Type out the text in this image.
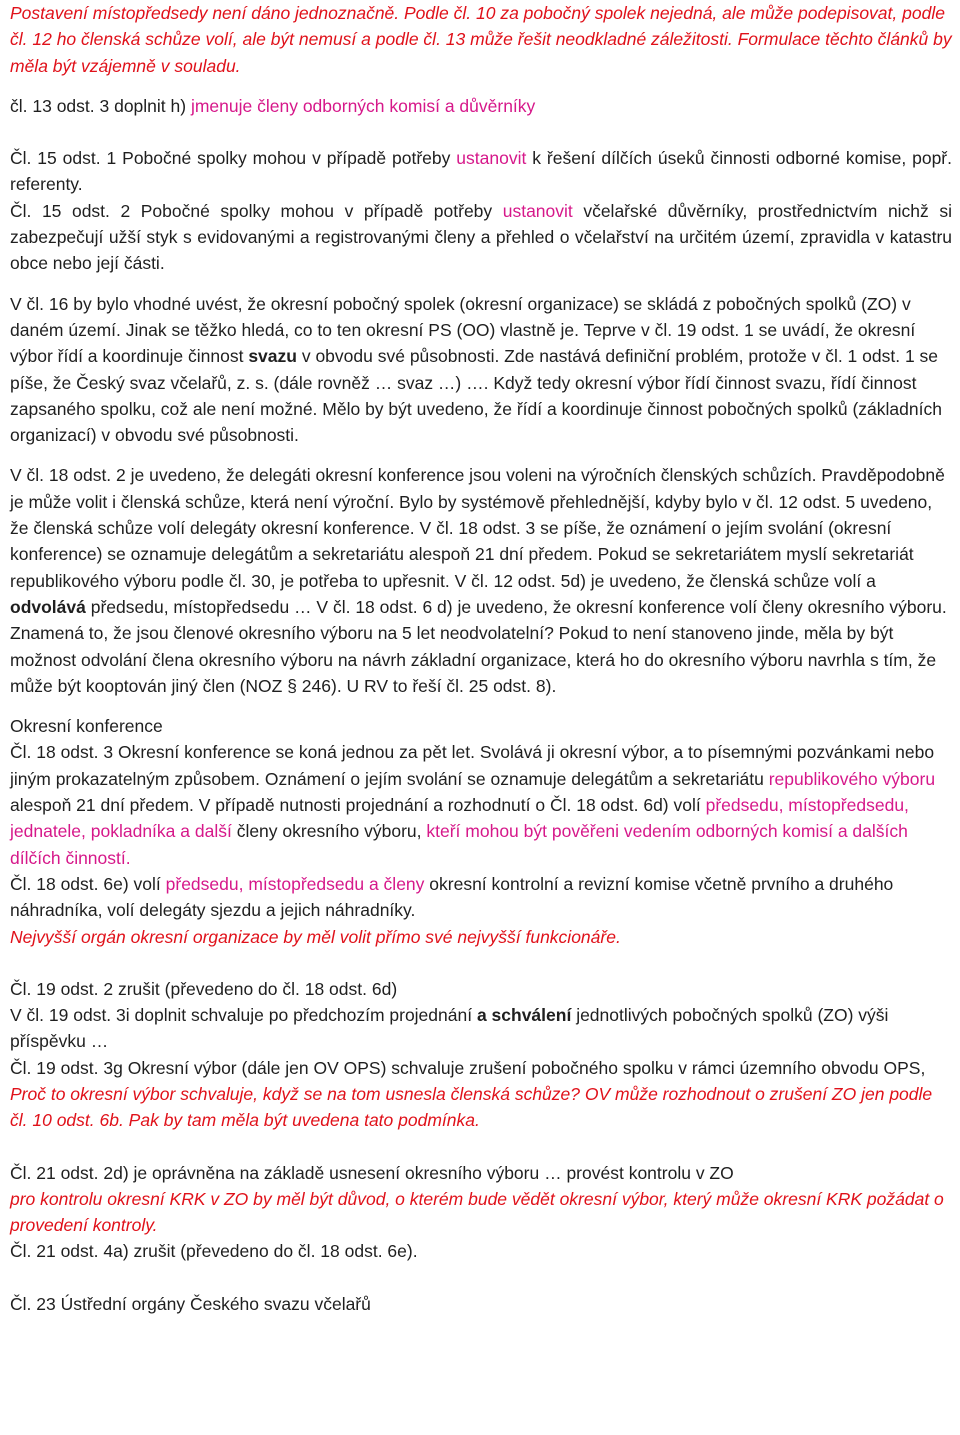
Postavení místopředsedy není dáno jednoznačně. Podle čl. 10 za pobočný spolek nejedná, ale může podepisovat, podle čl. 12 ho členská schůze volí, ale být nemusí a podle čl. 13 může řešit neodkladné záležitosti. Formulace těchto článků by měla být vzájemně v souladu.

čl. 13 odst. 3 doplnit h) jmenuje členy odborných komisí a důvěrníky

Čl. 15 odst. 1 Pobočné spolky mohou v případě potřeby ustanovit k řešení dílčích úseků činnosti odborné komise, popř. referenty.

Čl. 15 odst. 2 Pobočné spolky mohou v případě potřeby ustanovit včelařské důvěrníky, prostřednictvím nichž si zabezpečují užší styk s evidovanými a registrovanými členy a přehled o včelařství na určitém území, zpravidla v katastru obce nebo její části.

V čl. 16 by bylo vhodné uvést, že okresní pobočný spolek (okresní organizace) se skládá z pobočných spolků (ZO) v daném území. Jinak se těžko hledá, co to ten okresní PS (OO) vlastně je. Teprve v čl. 19 odst. 1 se uvádí, že okresní výbor řídí a koordinuje činnost svazu v obvodu své působnosti. Zde nastává definiční problém, protože v čl. 1 odst. 1 se píše, že Český svaz včelařů, z. s. (dále rovněž … svaz …) …. Když tedy okresní výbor řídí činnost svazu, řídí činnost zapsaného spolku, což ale není možné. Mělo by být uvedeno, že řídí a koordinuje činnost pobočných spolků (základních organizací) v obvodu své působnosti.

V čl. 18 odst. 2 je uvedeno, že delegáti okresní konference jsou voleni na výročních členských schůzích. Pravděpodobně je může volit i členská schůze, která není výroční. Bylo by systémově přehlednější, kdyby bylo v čl. 12 odst. 5 uvedeno, že členská schůze volí delegáty okresní konference. V čl. 18 odst. 3 se píše, že oznámení o jejím svolání (okresní konference) se oznamuje delegátům a sekretariátu alespoň 21 dní předem. Pokud se sekretariátem myslí sekretariát republikového výboru podle čl. 30, je potřeba to upřesnit. V čl. 12 odst. 5d) je uvedeno, že členská schůze volí a odvolává předsedu, místopředsedu … V čl. 18 odst. 6 d) je uvedeno, že okresní konference volí členy okresního výboru. Znamená to, že jsou členové okresního výboru na 5 let neodvolatelní? Pokud to není stanoveno jinde, měla by být možnost odvolání člena okresního výboru na návrh základní organizace, která ho do okresního výboru navrhla s tím, že může být kooptován jiný člen (NOZ § 246). U RV to řeší čl. 25 odst. 8).

Okresní konference

Čl. 18 odst. 3 Okresní konference se koná jednou za pět let. Svolává ji okresní výbor, a to písemnými pozvánkami nebo jiným prokazatelným způsobem. Oznámení o jejím svolání se oznamuje delegátům a sekretariátu republikového výboru alespoň 21 dní předem. V případě nutnosti projednání a rozhodnutí o Čl. 18 odst. 6d) volí předsedu, místopředsedu, jednatele, pokladníka a další členy okresního výboru, kteří mohou být pověřeni vedením odborných komisí a dalších dílčích činností.

Čl. 18 odst. 6e) volí předsedu, místopředsedu a členy okresní kontrolní a revizní komise včetně prvního a druhého náhradníka, volí delegáty sjezdu a jejich náhradníky.

Nejvyšší orgán okresní organizace by měl volit přímo své nejvyšší funkcionáře.

Čl. 19 odst. 2 zrušit (převedeno do čl. 18 odst. 6d)

V čl. 19 odst. 3i doplnit schvaluje po předchozím projednání a schválení jednotlivých pobočných spolků (ZO) výši příspěvku …

Čl. 19 odst. 3g Okresní výbor (dále jen OV OPS) schvaluje zrušení pobočného spolku v rámci územního obvodu OPS,

Proč to okresní výbor schvaluje, když se na tom usnesla členská schůze? OV může rozhodnout o zrušení ZO jen podle čl. 10 odst. 6b. Pak by tam měla být uvedena tato podmínka.

Čl. 21 odst. 2d) je oprávněna na základě usnesení okresního výboru … provést kontrolu v ZO

pro kontrolu okresní KRK v ZO by měl být důvod, o kterém bude vědět okresní výbor, který může okresní KRK požádat o provedení kontroly.

Čl. 21 odst. 4a) zrušit (převedeno do čl. 18 odst. 6e).

Čl. 23 Ústřední orgány Českého svazu včelařů
